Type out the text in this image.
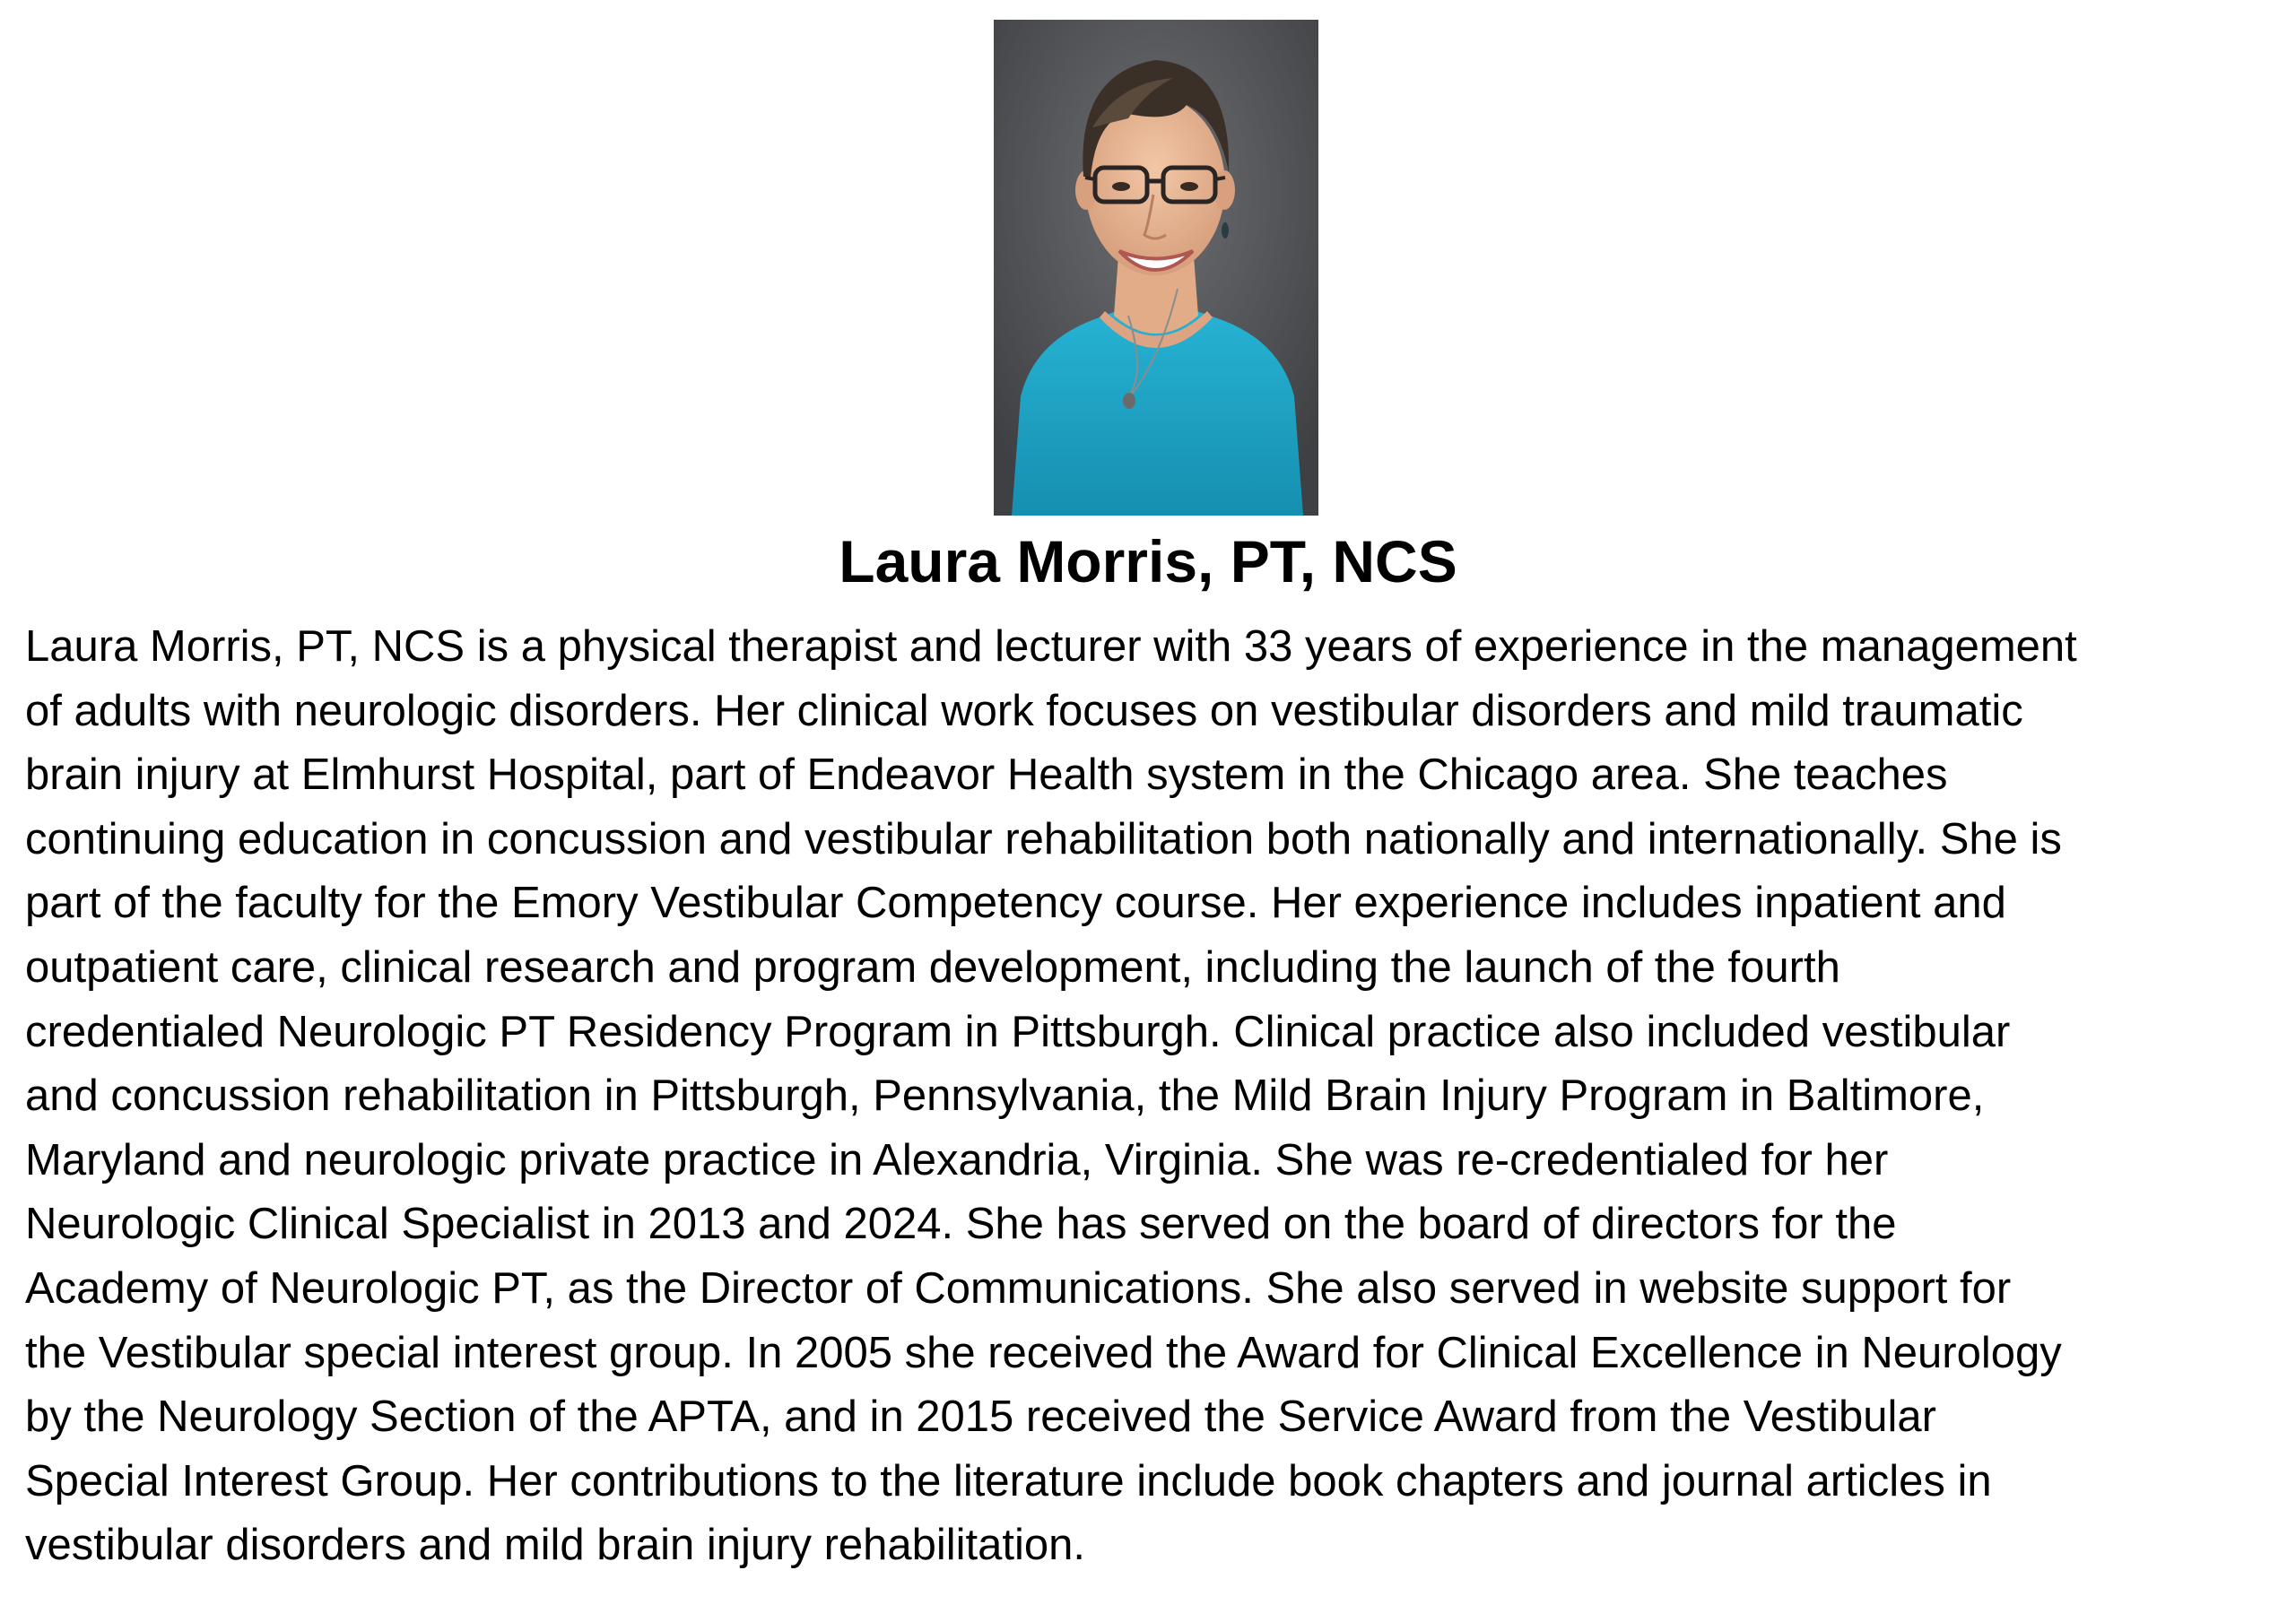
Laura Morris, PT, NCS

Laura Morris, PT, NCS is a physical therapist and lecturer with 33 years of experience in the management
of adults with neurologic disorders. Her clinical work focuses on vestibular disorders and mild traumatic
brain injury at Elmhurst Hospital, part of Endeavor Health system in the Chicago area. She teaches
continuing education in concussion and vestibular rehabilitation both nationally and internationally. She is
part of the faculty for the Emory Vestibular Competency course. Her experience includes inpatient and
outpatient care, clinical research and program development, including the launch of the fourth
credentialed Neurologic PT Residency Program in Pittsburgh. Clinical practice also included vestibular
and concussion rehabilitation in Pittsburgh, Pennsylvania, the Mild Brain Injury Program in Baltimore,
Maryland and neurologic private practice in Alexandria, Virginia. She was re-credentialed for her
Neurologic Clinical Specialist in 2013 and 2024. She has served on the board of directors for the
Academy of Neurologic PT, as the Director of Communications. She also served in website support for
the Vestibular special interest group. In 2005 she received the Award for Clinical Excellence in Neurology
by the Neurology Section of the APTA, and in 2015 received the Service Award from the Vestibular
Special Interest Group. Her contributions to the literature include book chapters and journal articles in
vestibular disorders and mild brain injury rehabilitation.
